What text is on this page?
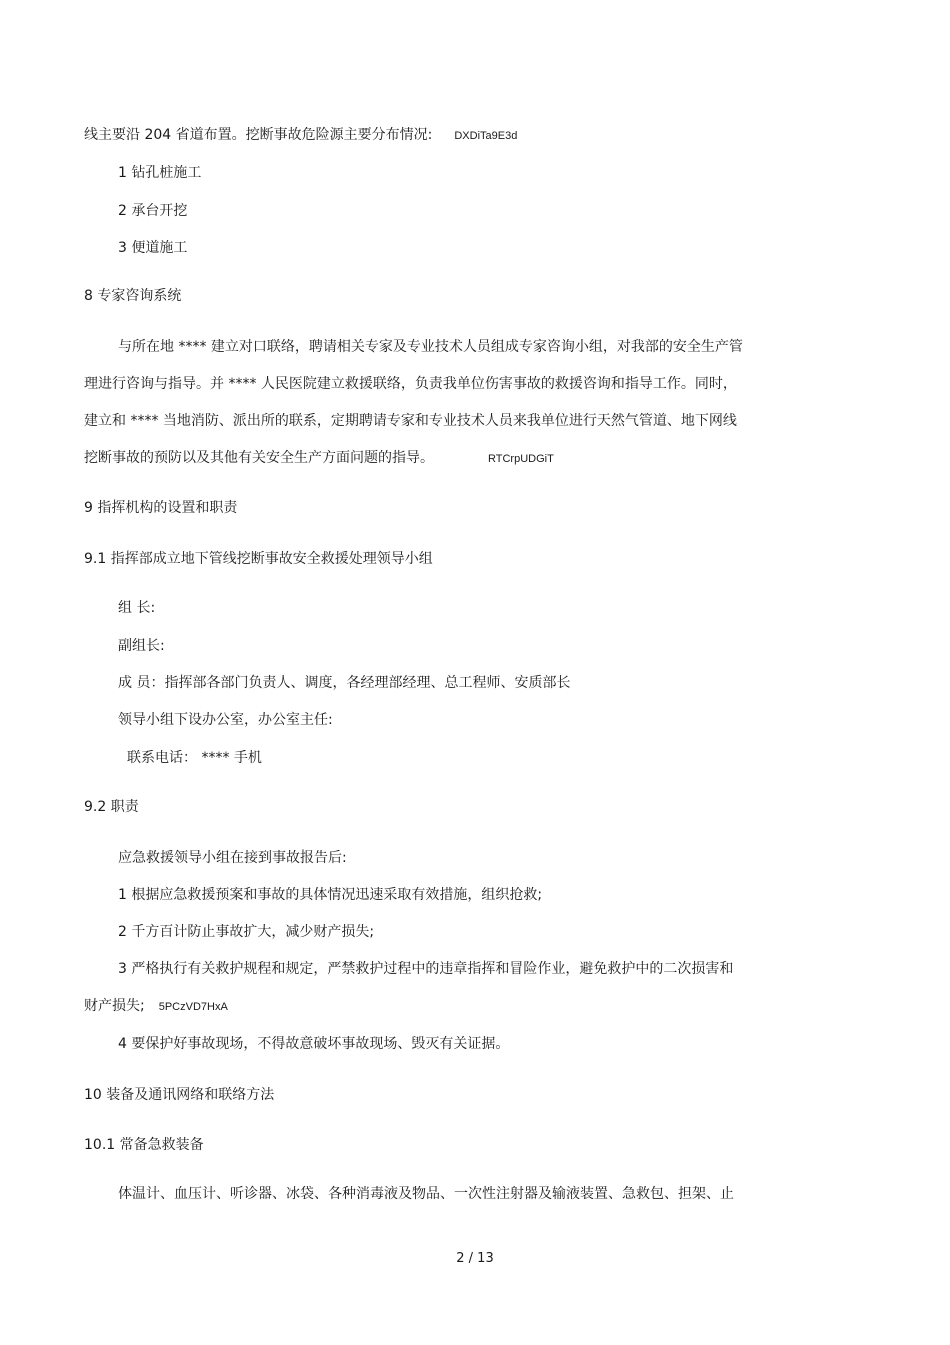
线主要沿 204 省道布置。挖断事故危险源主要分布情况: DXDiTa9E3d
1 钻孔桩施工
2 承台开挖
3 便道施工
8 专家咨询系统
与所在地 **** 建立对口联络，聘请相关专家及专业技术人员组成专家咨询小组，对我部的安全生产管
理进行咨询与指导。并 **** 人民医院建立救援联络，负责我单位伤害事故的救援咨询和指导工作。同时，
建立和 **** 当地消防、派出所的联系，定期聘请专家和专业技术人员来我单位进行天然气管道、地下网线
挖断事故的预防以及其他有关安全生产方面问题的指导。	RTCrpUDGiT
9 指挥机构的设置和职责
9.1 指挥部成立地下管线挖断事故安全救援处理领导小组
组 长:
副组长:
成 员：指挥部各部门负责人、调度，各经理部经理、总工程师、安质部长
领导小组下设办公室，办公室主任:
联系电话： **** 手机
9.2 职责
应急救援领导小组在接到事故报告后:
1 根据应急救援预案和事故的具体情况迅速采取有效措施，组织抢救;
2 千方百计防止事故扩大，减少财产损失;
3 严格执行有关救护规程和规定，严禁救护过程中的违章指挥和冒险作业，避免救护中的二次损害和
财产损失; 5PCzVD7HxA
4 要保护好事故现场，不得故意破坏事故现场、毁灭有关证据。
10 装备及通讯网络和联络方法
10.1 常备急救装备
体温计、血压计、听诊器、冰袋、各种消毒液及物品、一次性注射器及输液装置、急救包、担架、止
2 / 13
